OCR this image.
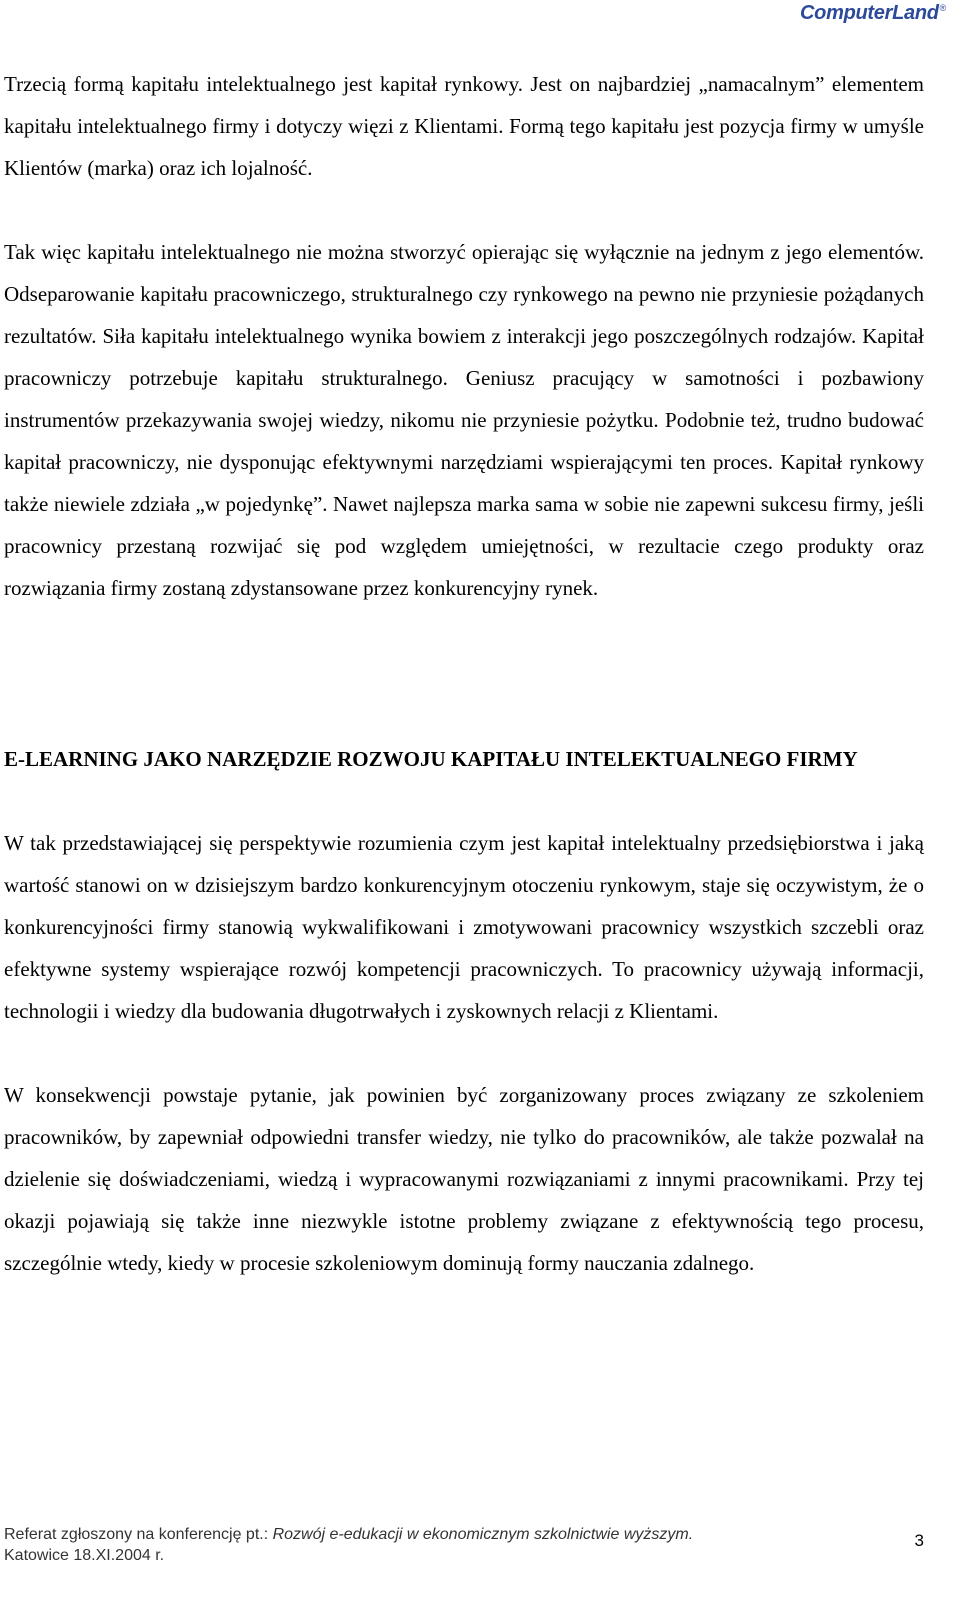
ComputerLand®

Trzecią formą kapitału intelektualnego jest kapitał rynkowy. Jest on najbardziej „namacalnym” elementem kapitału intelektualnego firmy i dotyczy więzi z Klientami. Formą tego kapitału jest pozycja firmy w umyśle Klientów (marka) oraz ich lojalność.

Tak więc kapitału intelektualnego nie można stworzyć opierając się wyłącznie na jednym z jego elementów. Odseparowanie kapitału pracowniczego, strukturalnego czy rynkowego na pewno nie przyniesie pożądanych rezultatów. Siła kapitału intelektualnego wynika bowiem z interakcji jego poszczególnych rodzajów. Kapitał pracowniczy potrzebuje kapitału strukturalnego. Geniusz pracujący w samotności i pozbawiony instrumentów przekazywania swojej wiedzy, nikomu nie przyniesie pożytku. Podobnie też, trudno budować kapitał pracowniczy, nie dysponując efektywnymi narzędziami wspierającymi ten proces. Kapitał rynkowy także niewiele zdziała „w pojedynkę”. Nawet najlepsza marka sama w sobie nie zapewni sukcesu firmy, jeśli pracownicy przestaną rozwijać się pod względem umiejętności, w rezultacie czego produkty oraz rozwiązania firmy zostaną zdystansowane przez konkurencyjny rynek.

E-LEARNING JAKO NARZĘDZIE ROZWOJU KAPITAŁU INTELEKTUALNEGO FIRMY

W tak przedstawiającej się perspektywie rozumienia czym jest kapitał intelektualny przedsiębiorstwa i jaką wartość stanowi on w dzisiejszym bardzo konkurencyjnym otoczeniu rynkowym, staje się oczywistym, że o konkurencyjności firmy stanowią wykwalifikowani i zmotywowani pracownicy wszystkich szczebli oraz efektywne systemy wspierające rozwój kompetencji pracowniczych. To pracownicy używają informacji, technologii i wiedzy dla budowania długotrwałych i zyskownych relacji z Klientami.

W konsekwencji powstaje pytanie, jak powinien być zorganizowany proces związany ze szkoleniem pracowników, by zapewniał odpowiedni transfer wiedzy, nie tylko do pracowników, ale także pozwalał na dzielenie się doświadczeniami, wiedzą i wypracowanymi rozwiązaniami z innymi pracownikami. Przy tej okazji pojawiają się także inne niezwykle istotne problemy związane z efektywnością tego procesu, szczególnie wtedy, kiedy w procesie szkoleniowym dominują formy nauczania zdalnego.

Referat zgłoszony na konferencję pt.: Rozwój e-edukacji w ekonomicznym szkolnictwie wyższym.
Katowice 18.XI.2004 r.
3
